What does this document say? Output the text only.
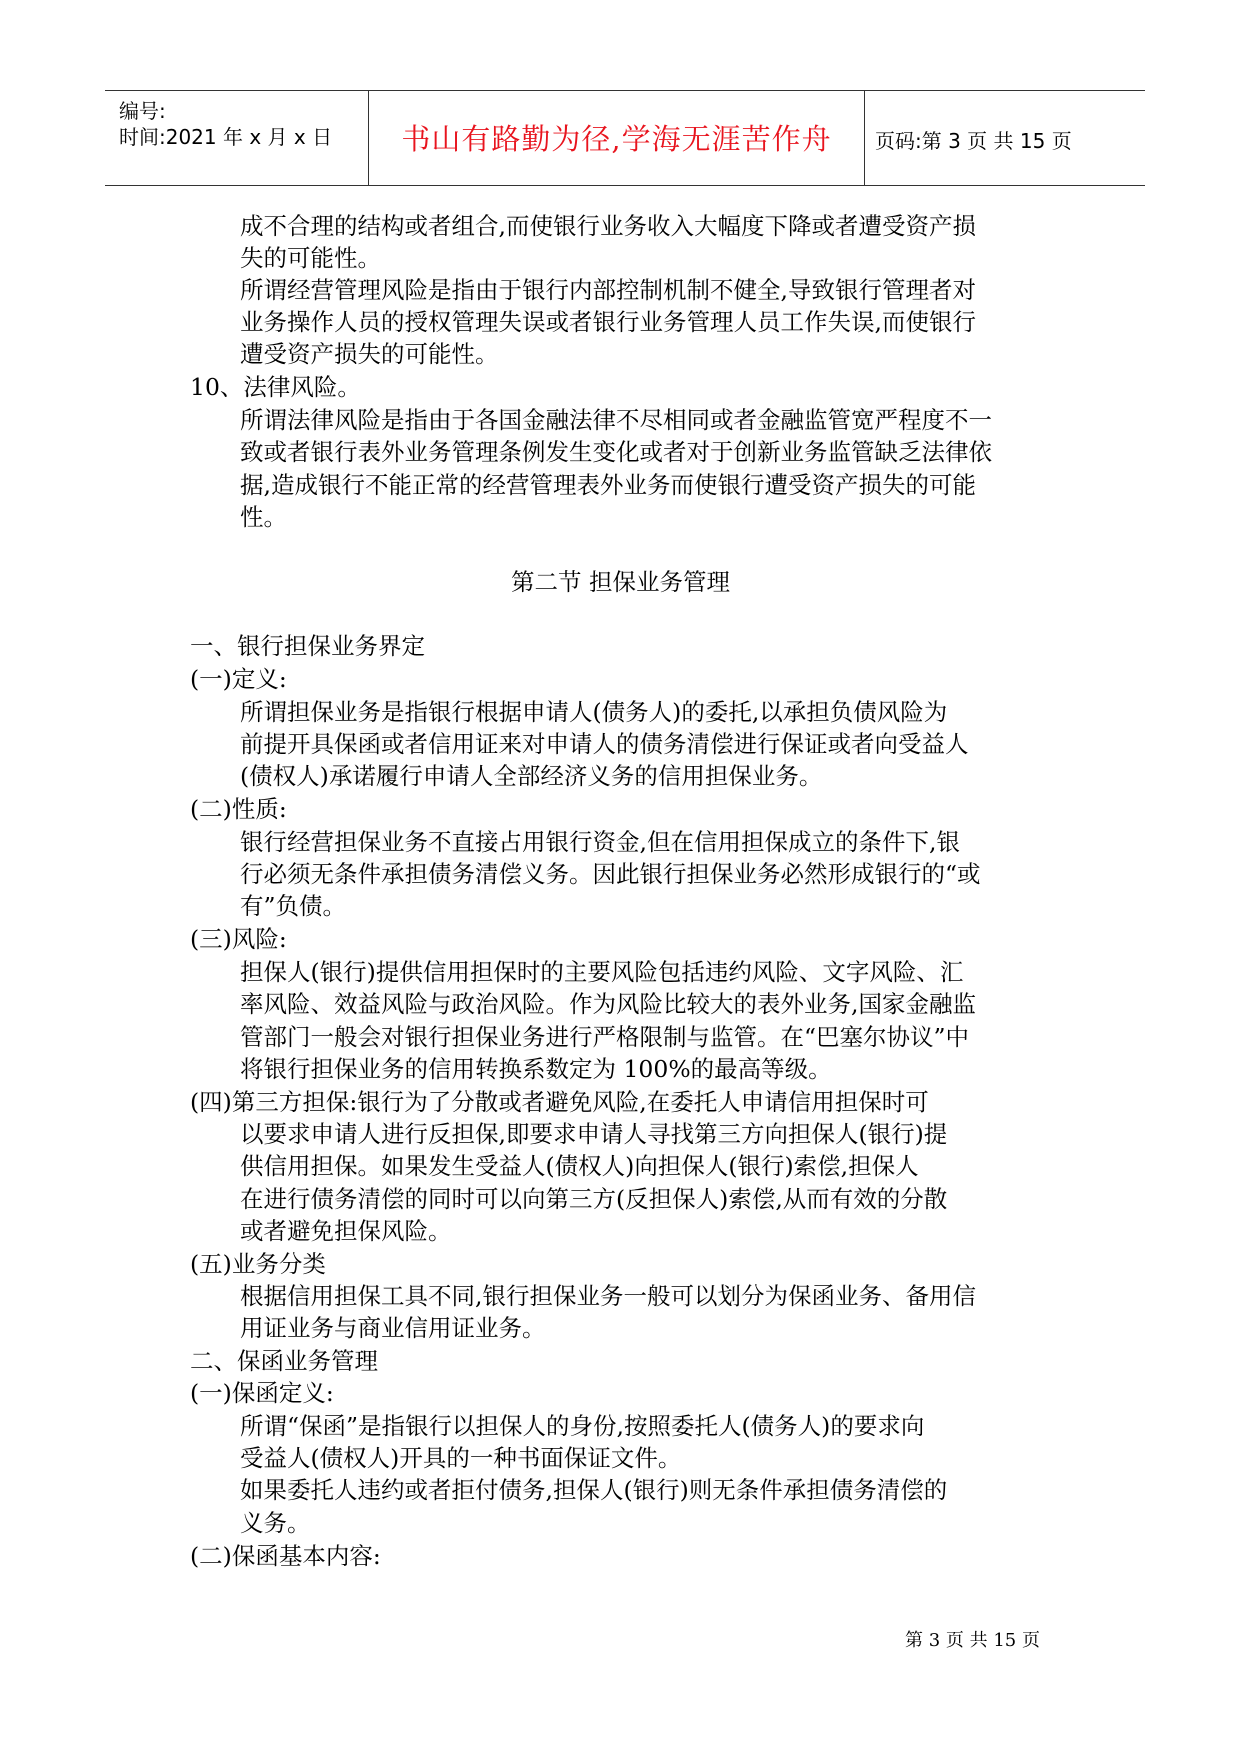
编号:
时间:2021 年 x 月 x 日	书山有路勤为径,学海无涯苦作舟	页码:第 3 页 共 15 页
成不合理的结构或者组合,而使银行业务收入大幅度下降或者遭受资产损
失的可能性。
所谓经营管理风险是指由于银行内部控制机制不健全,导致银行管理者对
业务操作人员的授权管理失误或者银行业务管理人员工作失误,而使银行
遭受资产损失的可能性。
10、法律风险。
所谓法律风险是指由于各国金融法律不尽相同或者金融监管宽严程度不一
致或者银行表外业务管理条例发生变化或者对于创新业务监管缺乏法律依
据,造成银行不能正常的经营管理表外业务而使银行遭受资产损失的可能
性。
第二节 担保业务管理
一、银行担保业务界定
(一)定义:
所谓担保业务是指银行根据申请人(债务人)的委托,以承担负债风险为
前提开具保函或者信用证来对申请人的债务清偿进行保证或者向受益人
(债权人)承诺履行申请人全部经济义务的信用担保业务。
(二)性质:
银行经营担保业务不直接占用银行资金,但在信用担保成立的条件下,银
行必须无条件承担债务清偿义务。因此银行担保业务必然形成银行的“或
有”负债。
(三)风险:
担保人(银行)提供信用担保时的主要风险包括违约风险、文字风险、汇
率风险、效益风险与政治风险。作为风险比较大的表外业务,国家金融监
管部门一般会对银行担保业务进行严格限制与监管。在“巴塞尔协议”中
将银行担保业务的信用转换系数定为 100%的最高等级。
(四)第三方担保:银行为了分散或者避免风险,在委托人申请信用担保时可
以要求申请人进行反担保,即要求申请人寻找第三方向担保人(银行)提
供信用担保。如果发生受益人(债权人)向担保人(银行)索偿,担保人
在进行债务清偿的同时可以向第三方(反担保人)索偿,从而有效的分散
或者避免担保风险。
(五)业务分类
根据信用担保工具不同,银行担保业务一般可以划分为保函业务、备用信
用证业务与商业信用证业务。
二、保函业务管理
(一)保函定义:
所谓“保函”是指银行以担保人的身份,按照委托人(债务人)的要求向
受益人(债权人)开具的一种书面保证文件。
如果委托人违约或者拒付债务,担保人(银行)则无条件承担债务清偿的
义务。
(二)保函基本内容:
第 3 页 共 15 页
